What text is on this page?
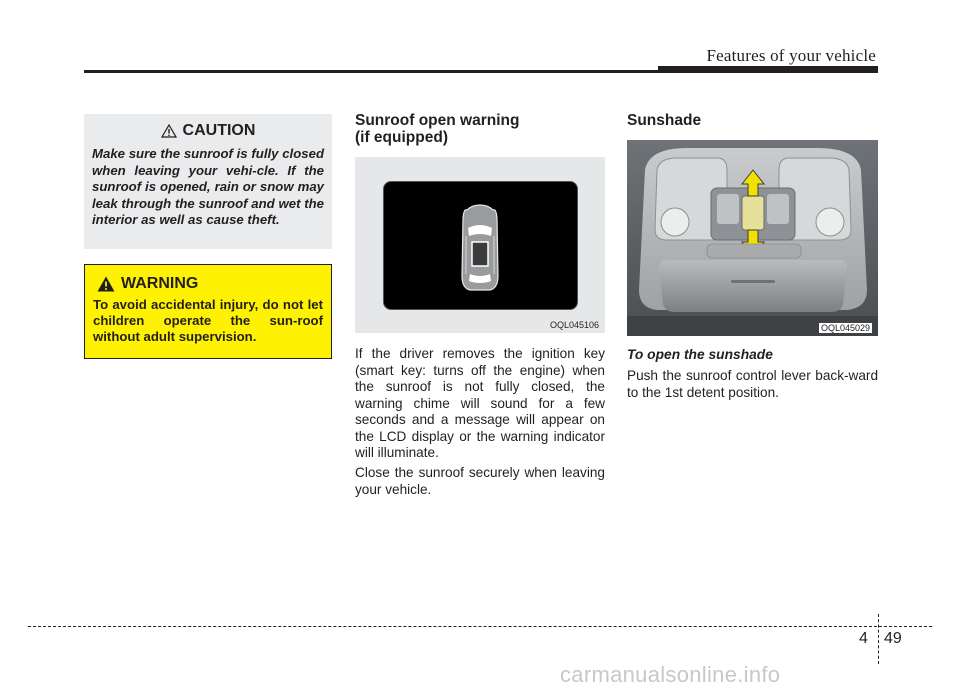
Features of your vehicle
CAUTION
Make sure the sunroof is fully closed when leaving your vehi-cle. If the sunroof is opened, rain or snow may leak through the sunroof and wet the interior as well as cause theft.
WARNING
To avoid accidental injury, do not let children operate the sun-roof without adult supervision.
Sunroof open warning
(if equipped)
OQL045106
If the driver removes the ignition key (smart key: turns off the engine) when the sunroof is not fully closed, the warning chime will sound for a few seconds and a message will appear on the LCD display or the warning indicator will illuminate.
Close the sunroof securely when leaving your vehicle.
Sunshade
OQL045029
To open the sunshade
Push the sunroof control lever back-ward to the 1st detent position.
4 49
carmanualsonline.info
